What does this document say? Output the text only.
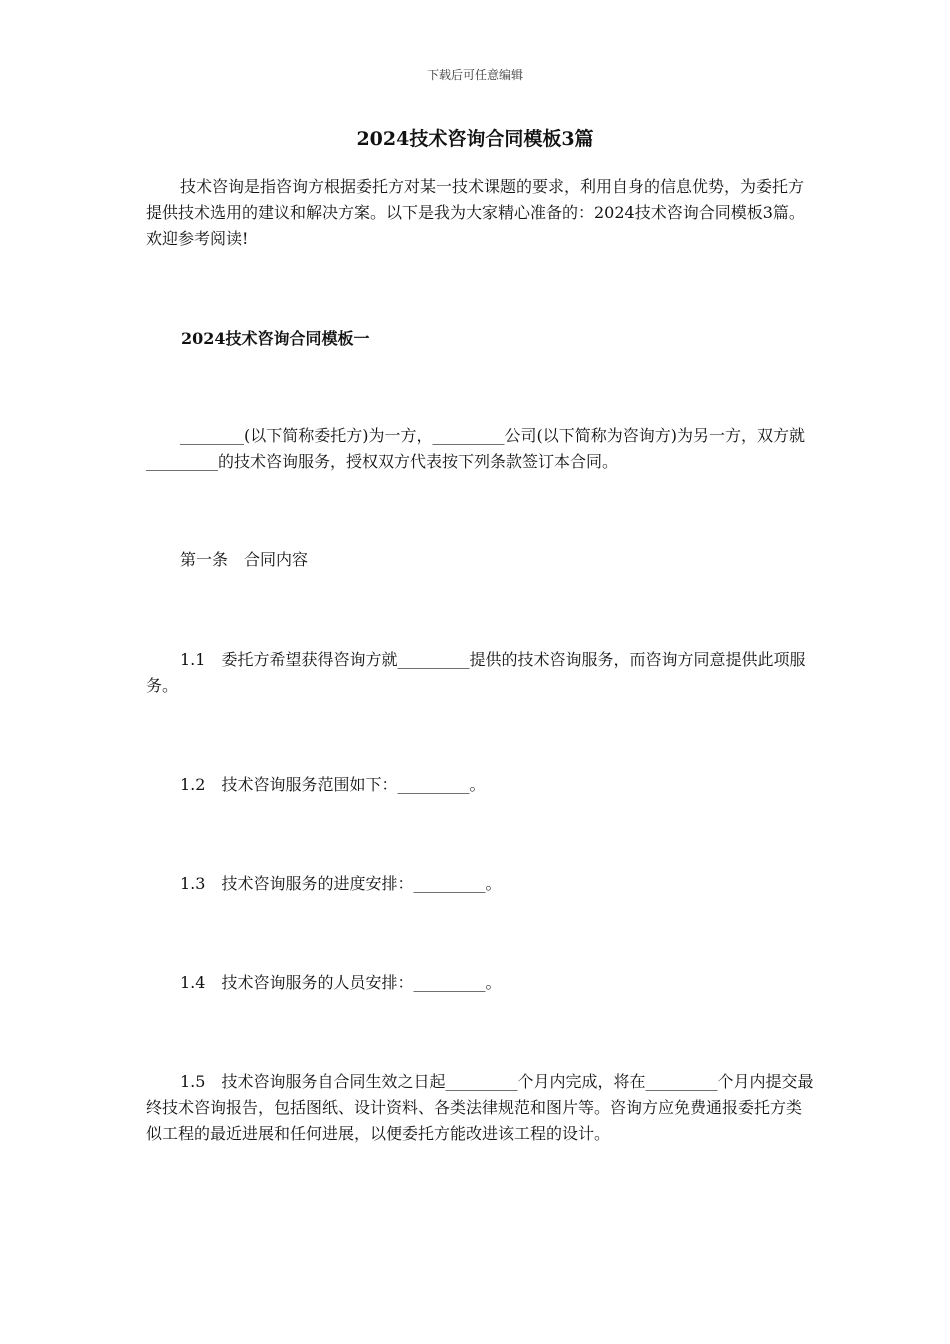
下载后可任意编辑
2024技术咨询合同模板3篇

技术咨询是指咨询方根据委托方对某一技术课题的要求，利用自身的信息优势，为委托方提供技术选用的建议和解决方案。以下是我为大家精心准备的：2024技术咨询合同模板3篇。欢迎参考阅读!

2024技术咨询合同模板一

________(以下简称委托方)为一方，_________公司(以下简称为咨询方)为另一方，双方就_________的技术咨询服务，授权双方代表按下列条款签订本合同。

第一条　合同内容

1.1　委托方希望获得咨询方就_________提供的技术咨询服务，而咨询方同意提供此项服务。

1.2　技术咨询服务范围如下：_________。

1.3　技术咨询服务的进度安排：_________。

1.4　技术咨询服务的人员安排：_________。

1.5　技术咨询服务自合同生效之日起_________个月内完成，将在_________个月内提交最终技术咨询报告，包括图纸、设计资料、各类法律规范和图片等。咨询方应免费通报委托方类似工程的最近进展和任何进展，以便委托方能改进该工程的设计。
